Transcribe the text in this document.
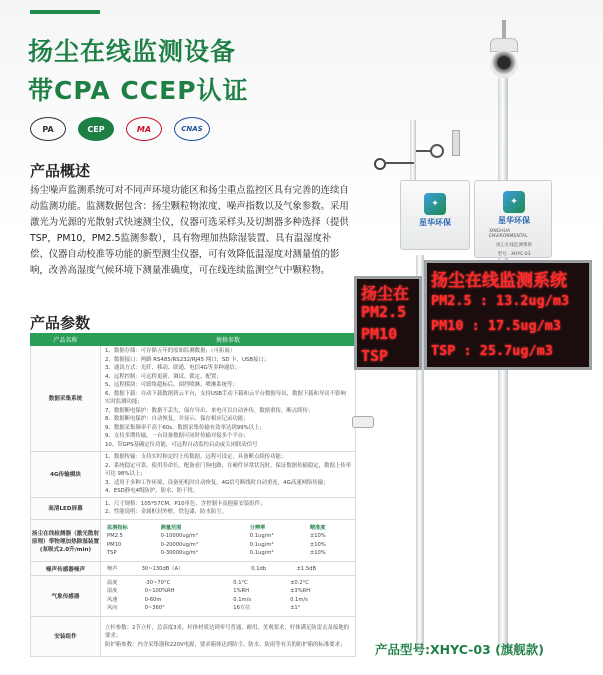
扬尘在线监测设备
带CPA CCEP认证
PA	CEP	MA	CNAS
产品概述
扬尘噪声监测系统可对不同声环境功能区和扬尘重点监控区具有完善的连续自动监测功能。监测数据包含：扬尘颗粒物浓度、噪声指数以及气象参数。采用激光为光源的光散射式快速测尘仪，仪器可选采样头及切割器多种选择（提供TSP，PM10，PM2.5监测参数），具有物理加热除湿装置、具有温湿度补偿、仪器自动校准等功能的新型测尘仪器，可有效降低温湿度对测量值的影响，改善高湿度气候环境下测量准确度，可在线连续监测空气中颗粒物。
产品参数
产品名称	规格参数
数据采集系统	
1、数据存储：可存储五年的原始监测数据；（可拓展）
2、数据接口：两路 RS485/RS232/RJ45 网口；SD 卡、USB接口；
3、通讯方式：光纤、移动、联通、电信4G等多种通信；
4、远程控制：可远程更新、调试、锁定、配置；
5、远程模块：可联络超标后，围挡喷淋、喷淋系统等；
6、数据下载：自动下载数据到云平台，支持USB手动下载和云平台数据导出，数据下载和导出不影响实时监测功能；
7、数据断电保护：数据不丢失，保存导出，来电可以自动补传，数据重传，断点续传；
8、数据断电保护：自动恢复，并显示、保存相应记录功能；
9、数据采集频率不高于60s，数据采集传输有效率达到99%以上；
9、支持多期传输，一台设备数据可同时传输对接多个平台；
10、带GPS基确定位功能，可远程自动监控启动或关闭联动信号

4G传输模块	
1、数据传输：支持实时和定时上传数据，远程可设定，具备断点续传功能；
2、系统稳定可靠，使用寿命长，配备看门狗电路，在硬件异常状况时，保证数据传输稳定，数据上传率可达 98%以上；
3、适用于多种工作环境，设备死机时自动恢复，4G信号断线时自动重连，4G高速网络传输；
4、ESD静电4级防护，防水、防干扰。

高清LED屏幕	
1、尺寸规格：105*57CM、P10单色，含控制卡及抱箍安装组件；
2、性能说明：金属框封外框，铁包漆，防水防尘。

扬尘在线检测器（激光散射原理）带物理加热除湿装置(泵吸式2.0升/min)	
监测指标	测量范围	分辨率	精准度
PM2.5	0-10000ug/m³	0.1ug/m³	±10%
PM10	0-20000ug/m³	0.1ug/m³	±10%
TSP	0-30000ug/m³	0.1ug/m³	±10%

噪声传感器噪声		噪声	30~130dB（A）	0.1db	±1.5dB

气象传感器	
温度	-30~70°C	0.1°C	±0.2°C
湿度	0~100%RH	1%RH	±3%RH
风速	0-60m	0.1m/s	0.1m/s
风向	0~360°	16方位	±1°

安装组件	
立杆参数：2节立杆，总高度3米，杆体材质达到零号普通、耐用、美观要求，杆体满足防雷击及接地的要求；
防护箱参数：内含采集器和220V电源，要求箱体达到防尘、防水、防雨等有关的防护箱的标准要求；
✦
星华环保
✦
星华环保
XINGHUA ENVIRONMENTAL
扬尘在线监测系统
型号：XHYC-03
扬尘在
PM2.5
PM10
TSP
扬尘在线监测系统
PM2.5 : 13.2ug/m3
PM10 : 17.5ug/m3
TSP : 25.7ug/m3
产品型号:XHYC-03 (旗舰款)
